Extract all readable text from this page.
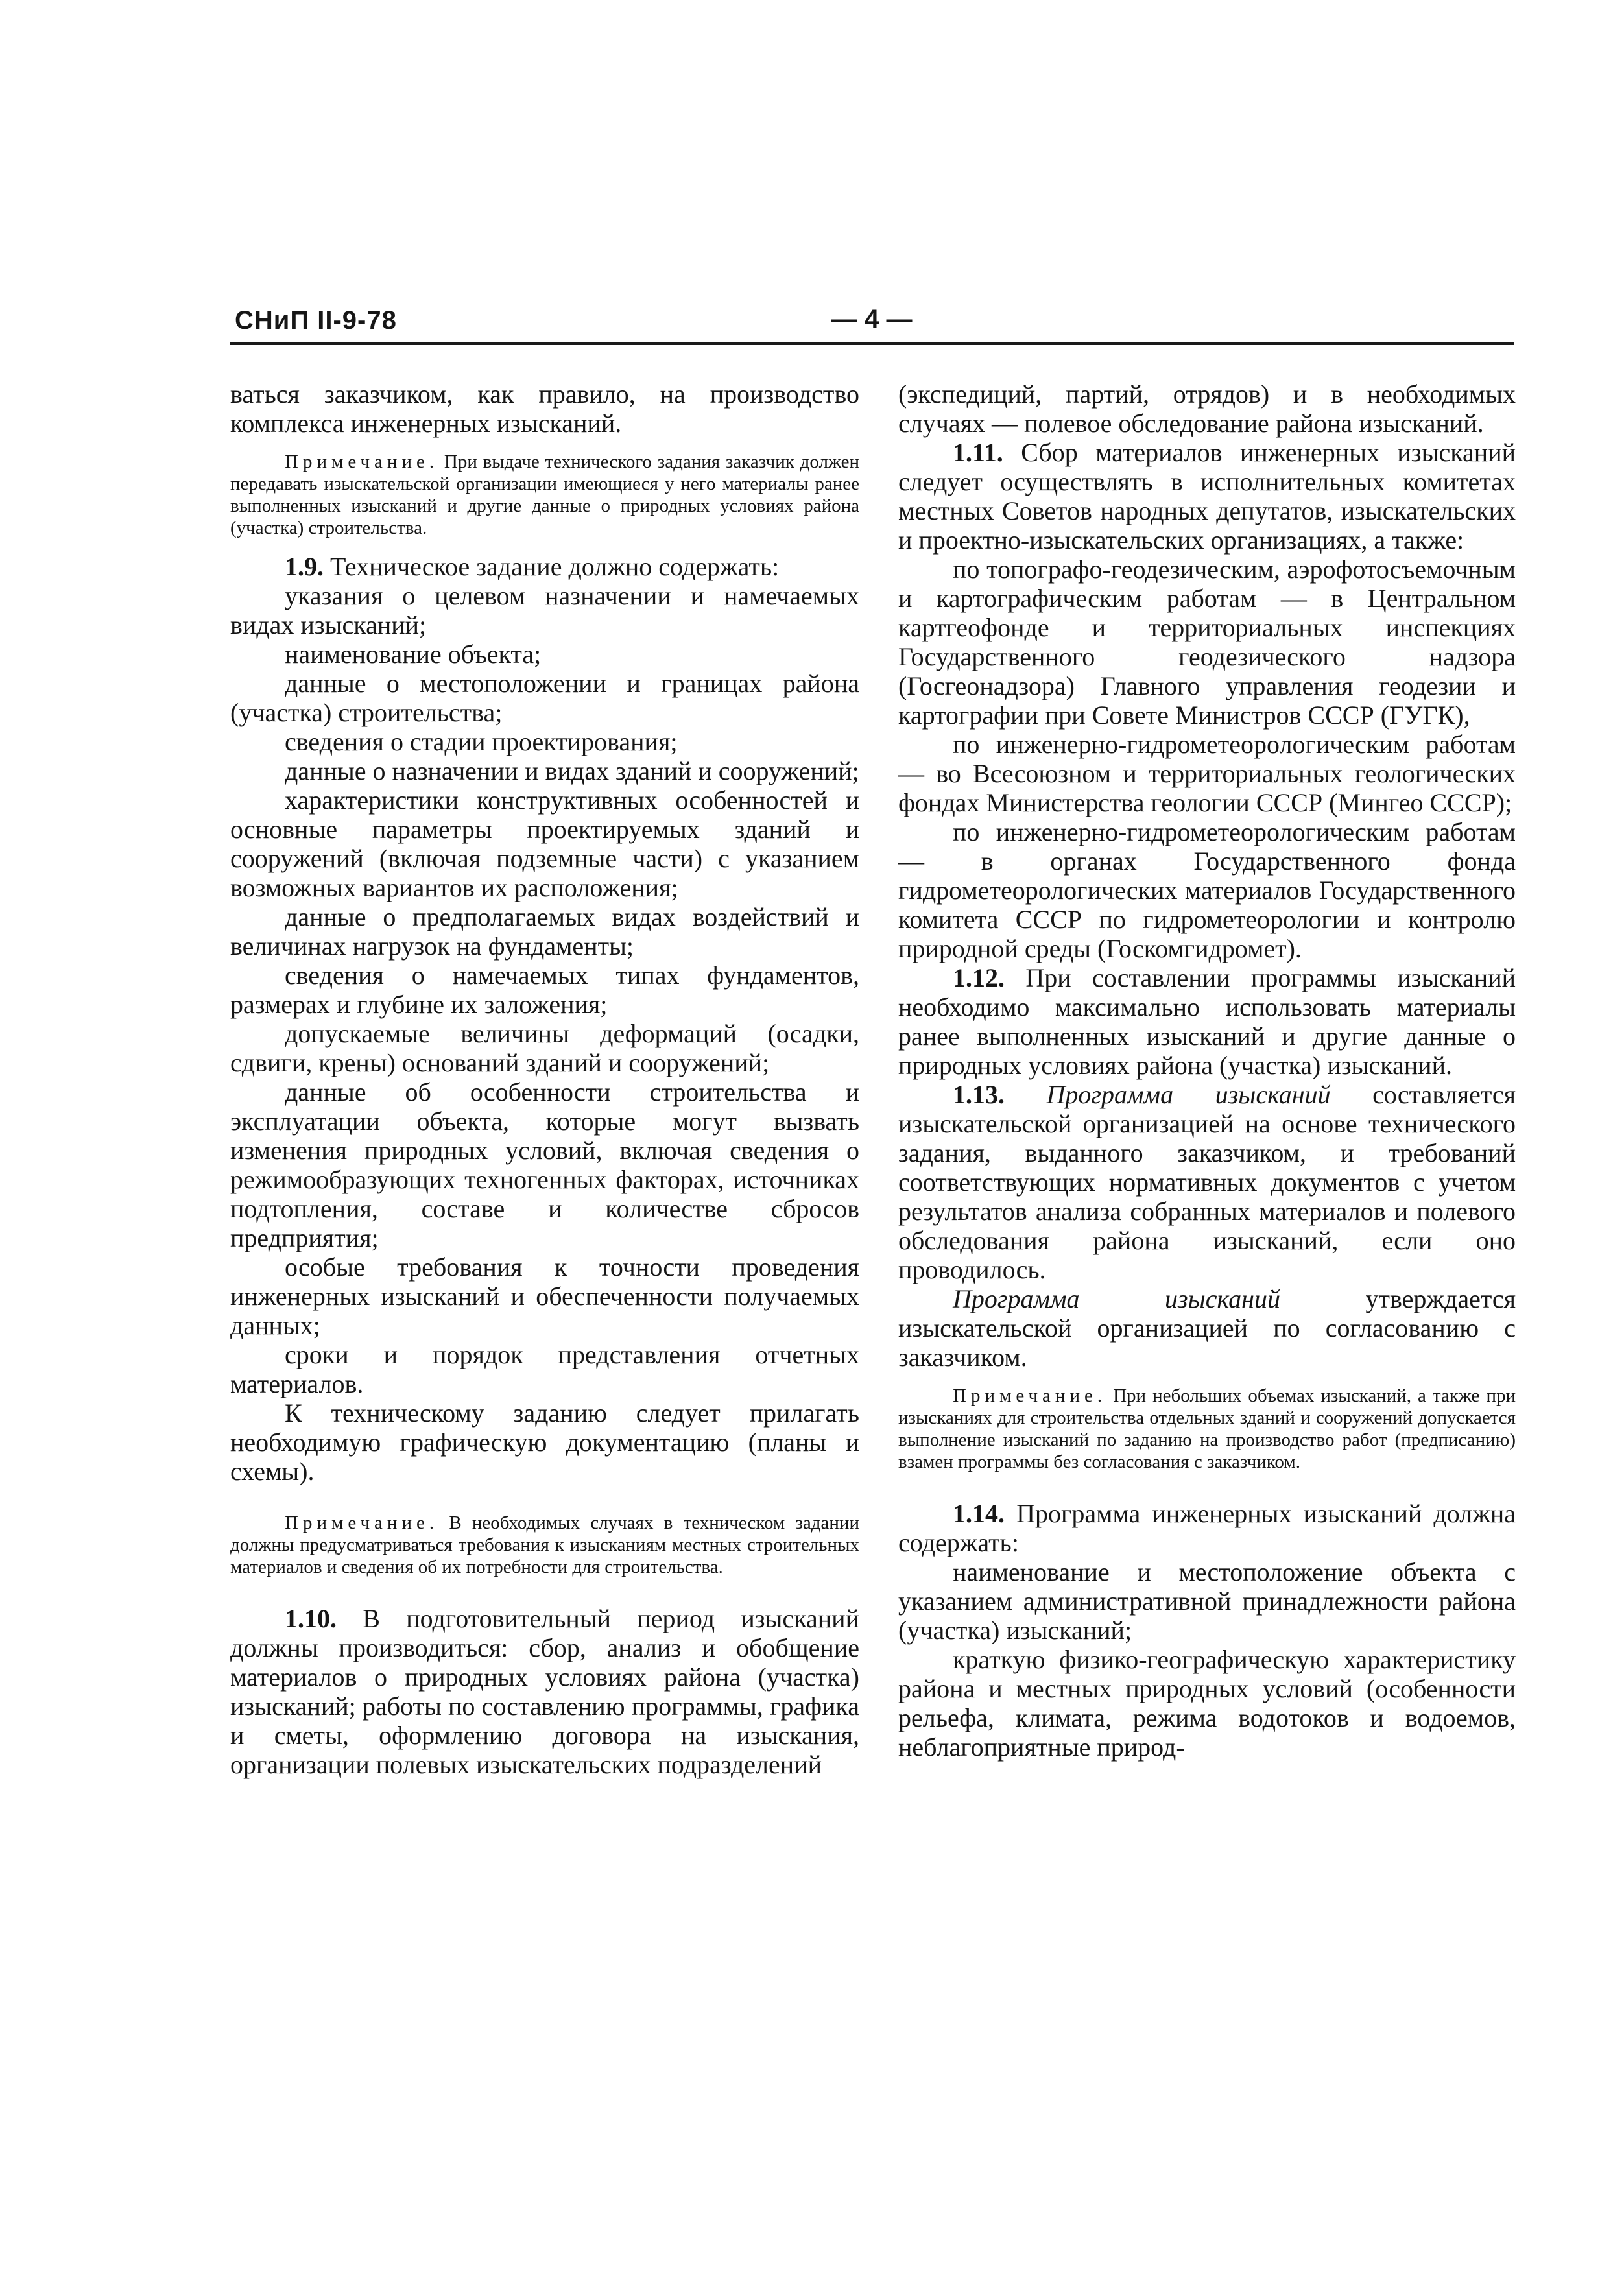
СНиП II-9-78	— 4 —

ваться заказчиком, как правило, на производство комплекса инженерных изысканий.

Примечание. При выдаче технического задания заказчик должен передавать изыскательской организации имеющиеся у него материалы ранее выполненных изысканий и другие данные о природных условиях района (участка) строительства.

1.9. Техническое задание должно содержать:

указания о целевом назначении и намечаемых видах изысканий;

наименование объекта;

данные о местоположении и границах района (участка) строительства;

сведения о стадии проектирования;

данные о назначении и видах зданий и сооружений;

характеристики конструктивных особенностей и основные параметры проектируемых зданий и сооружений (включая подземные части) с указанием возможных вариантов их расположения;

данные о предполагаемых видах воздействий и величинах нагрузок на фундаменты;

сведения о намечаемых типах фундаментов, размерах и глубине их заложения;

допускаемые величины деформаций (осадки, сдвиги, крены) оснований зданий и сооружений;

данные об особенности строительства и эксплуатации объекта, которые могут вызвать изменения природных условий, включая сведения о режимообразующих техногенных факторах, источниках подтопления, составе и количестве сбросов предприятия;

особые требования к точности проведения инженерных изысканий и обеспеченности получаемых данных;

сроки и порядок представления отчетных материалов.

К техническому заданию следует прилагать необходимую графическую документацию (планы и схемы).

Примечание. В необходимых случаях в техническом задании должны предусматриваться требования к изысканиям местных строительных материалов и сведения об их потребности для строительства.

1.10. В подготовительный период изысканий должны производиться: сбор, анализ и обобщение материалов о природных условиях района (участка) изысканий; работы по составлению программы, графика и сметы, оформлению договора на изыскания, организации полевых изыскательских подразделений

(экспедиций, партий, отрядов) и в необходимых случаях — полевое обследование района изысканий.

1.11. Сбор материалов инженерных изысканий следует осуществлять в исполнительных комитетах местных Советов народных депутатов, изыскательских и проектно-изыскательских организациях, а также:

по топографо-геодезическим, аэрофотосъемочным и картографическим работам — в Центральном картгеофонде и территориальных инспекциях Государственного геодезического надзора (Госгеонадзора) Главного управления геодезии и картографии при Совете Министров СССР (ГУГК),

по инженерно-гидрометеорологическим работам — во Всесоюзном и территориальных геологических фондах Министерства геологии СССР (Мингео СССР);

по инженерно-гидрометеорологическим работам — в органах Государственного фонда гидрометеорологических материалов Государственного комитета СССР по гидрометеорологии и контролю природной среды (Госкомгидромет).

1.12. При составлении программы изысканий необходимо максимально использовать материалы ранее выполненных изысканий и другие данные о природных условиях района (участка) изысканий.

1.13. Программа изысканий составляется изыскательской организацией на основе технического задания, выданного заказчиком, и требований соответствующих нормативных документов с учетом результатов анализа собранных материалов и полевого обследования района изысканий, если оно проводилось.

Программа изысканий утверждается изыскательской организацией по согласованию с заказчиком.

Примечание. При небольших объемах изысканий, а также при изысканиях для строительства отдельных зданий и сооружений допускается выполнение изысканий по заданию на производство работ (предписанию) взамен программы без согласования с заказчиком.

1.14. Программа инженерных изысканий должна содержать:

наименование и местоположение объекта с указанием административной принадлежности района (участка) изысканий;

краткую физико-географическую характеристику района и местных природных условий (особенности рельефа, климата, режима водотоков и водоемов, неблагоприятные природ-
